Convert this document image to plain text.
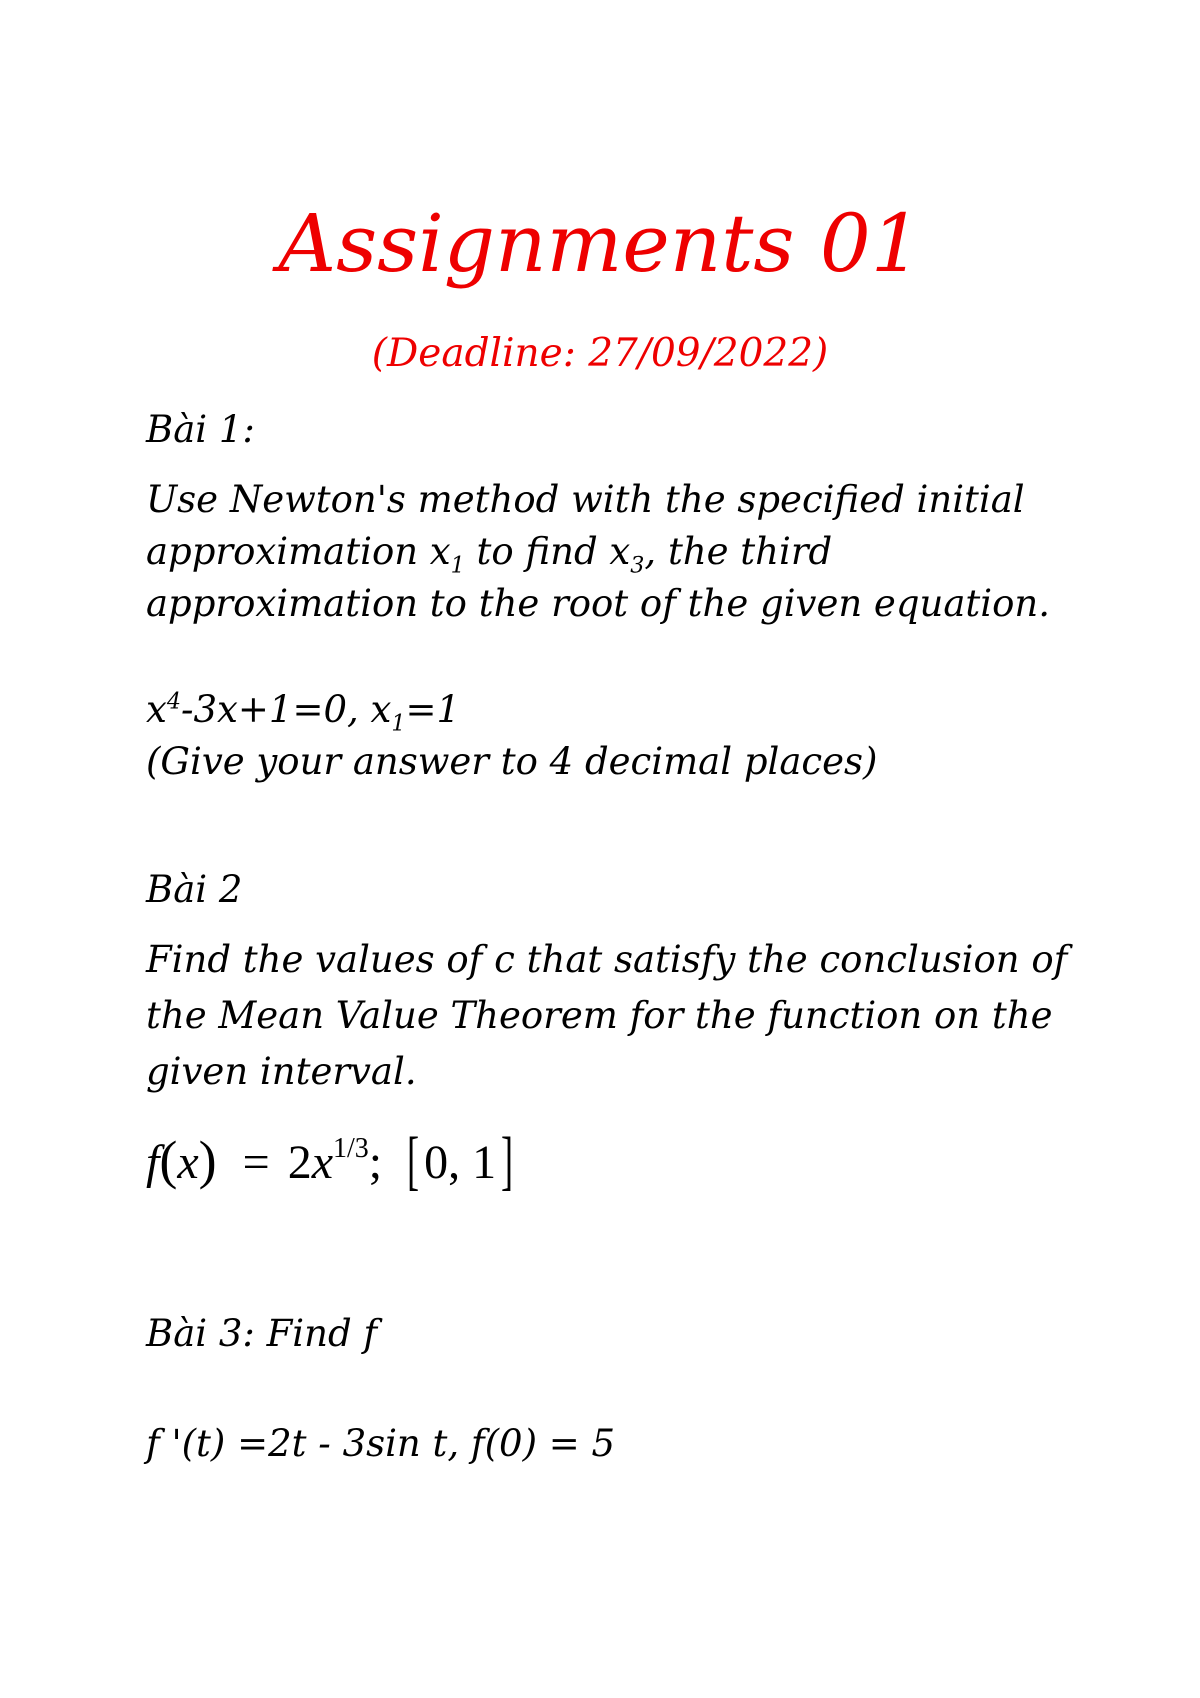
Assignments 01
(Deadline: 27/09/2022)
Bài 1:
Use Newton's method with the specified initial
approximation $x_1$ to find $x_3$, the third
approximation to the root of the given equation.
$x^4-3x+1=0$, $x_1=1$
(Give your answer to 4 decimal places)
Bài 2
Find the values of c that satisfy the conclusion of
the Mean Value Theorem for the function on the
given interval.
$f(x) = 2x^{1/3}$; [ 0, 1]
Bài 3: Find f
f '(t) =2t - 3sin t, f(0) = 5
